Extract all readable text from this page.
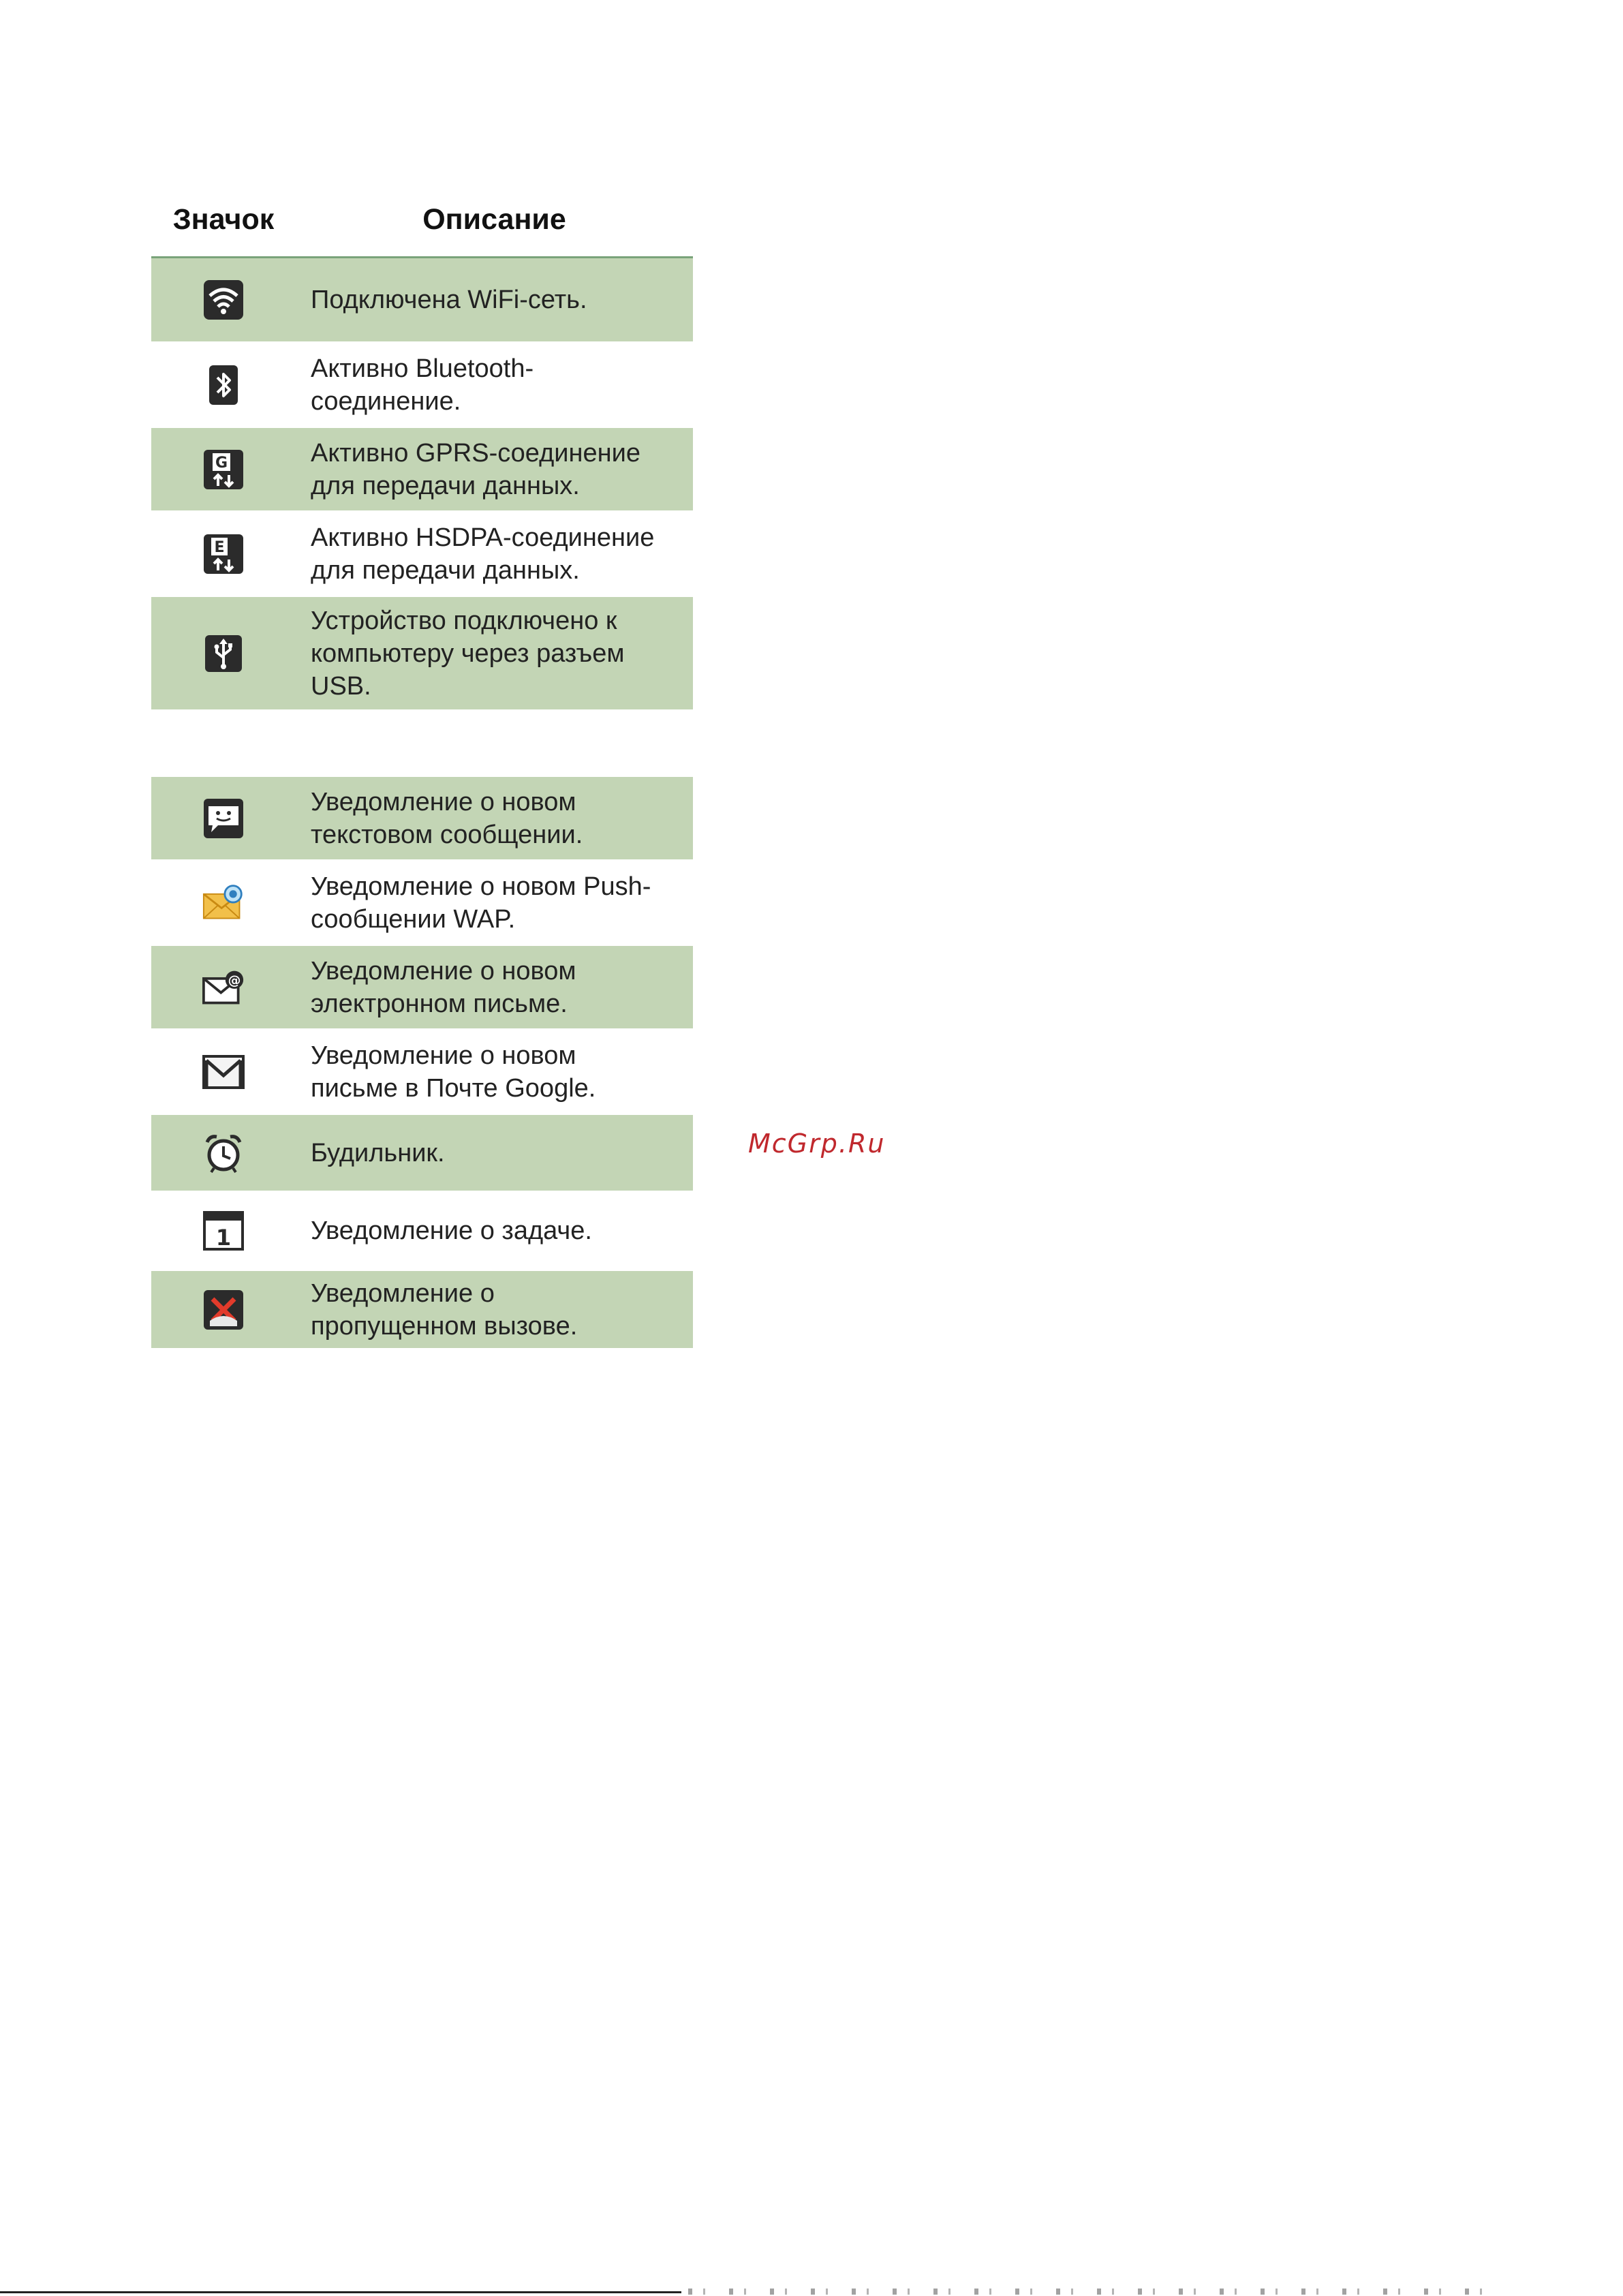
Значок	Описание
Подключена WiFi-сеть.
Активно Bluetooth-
соединение.
G	Активно GPRS-соединение
для передачи данных.
E	Активно HSDPA-соединение
для передачи данных.
Устройство подключено к
компьютеру через разъем
USB.
Уведомление о новом
текстовом сообщении.
Уведомление о новом Push-
сообщении WAP.
@	Уведомление о новом
электронном письме.
Уведомление о новом
письме в Почте Google.
Будильник.
1	Уведомление о задаче.
Уведомление о
пропущенном вызове.
McGrp.Ru
